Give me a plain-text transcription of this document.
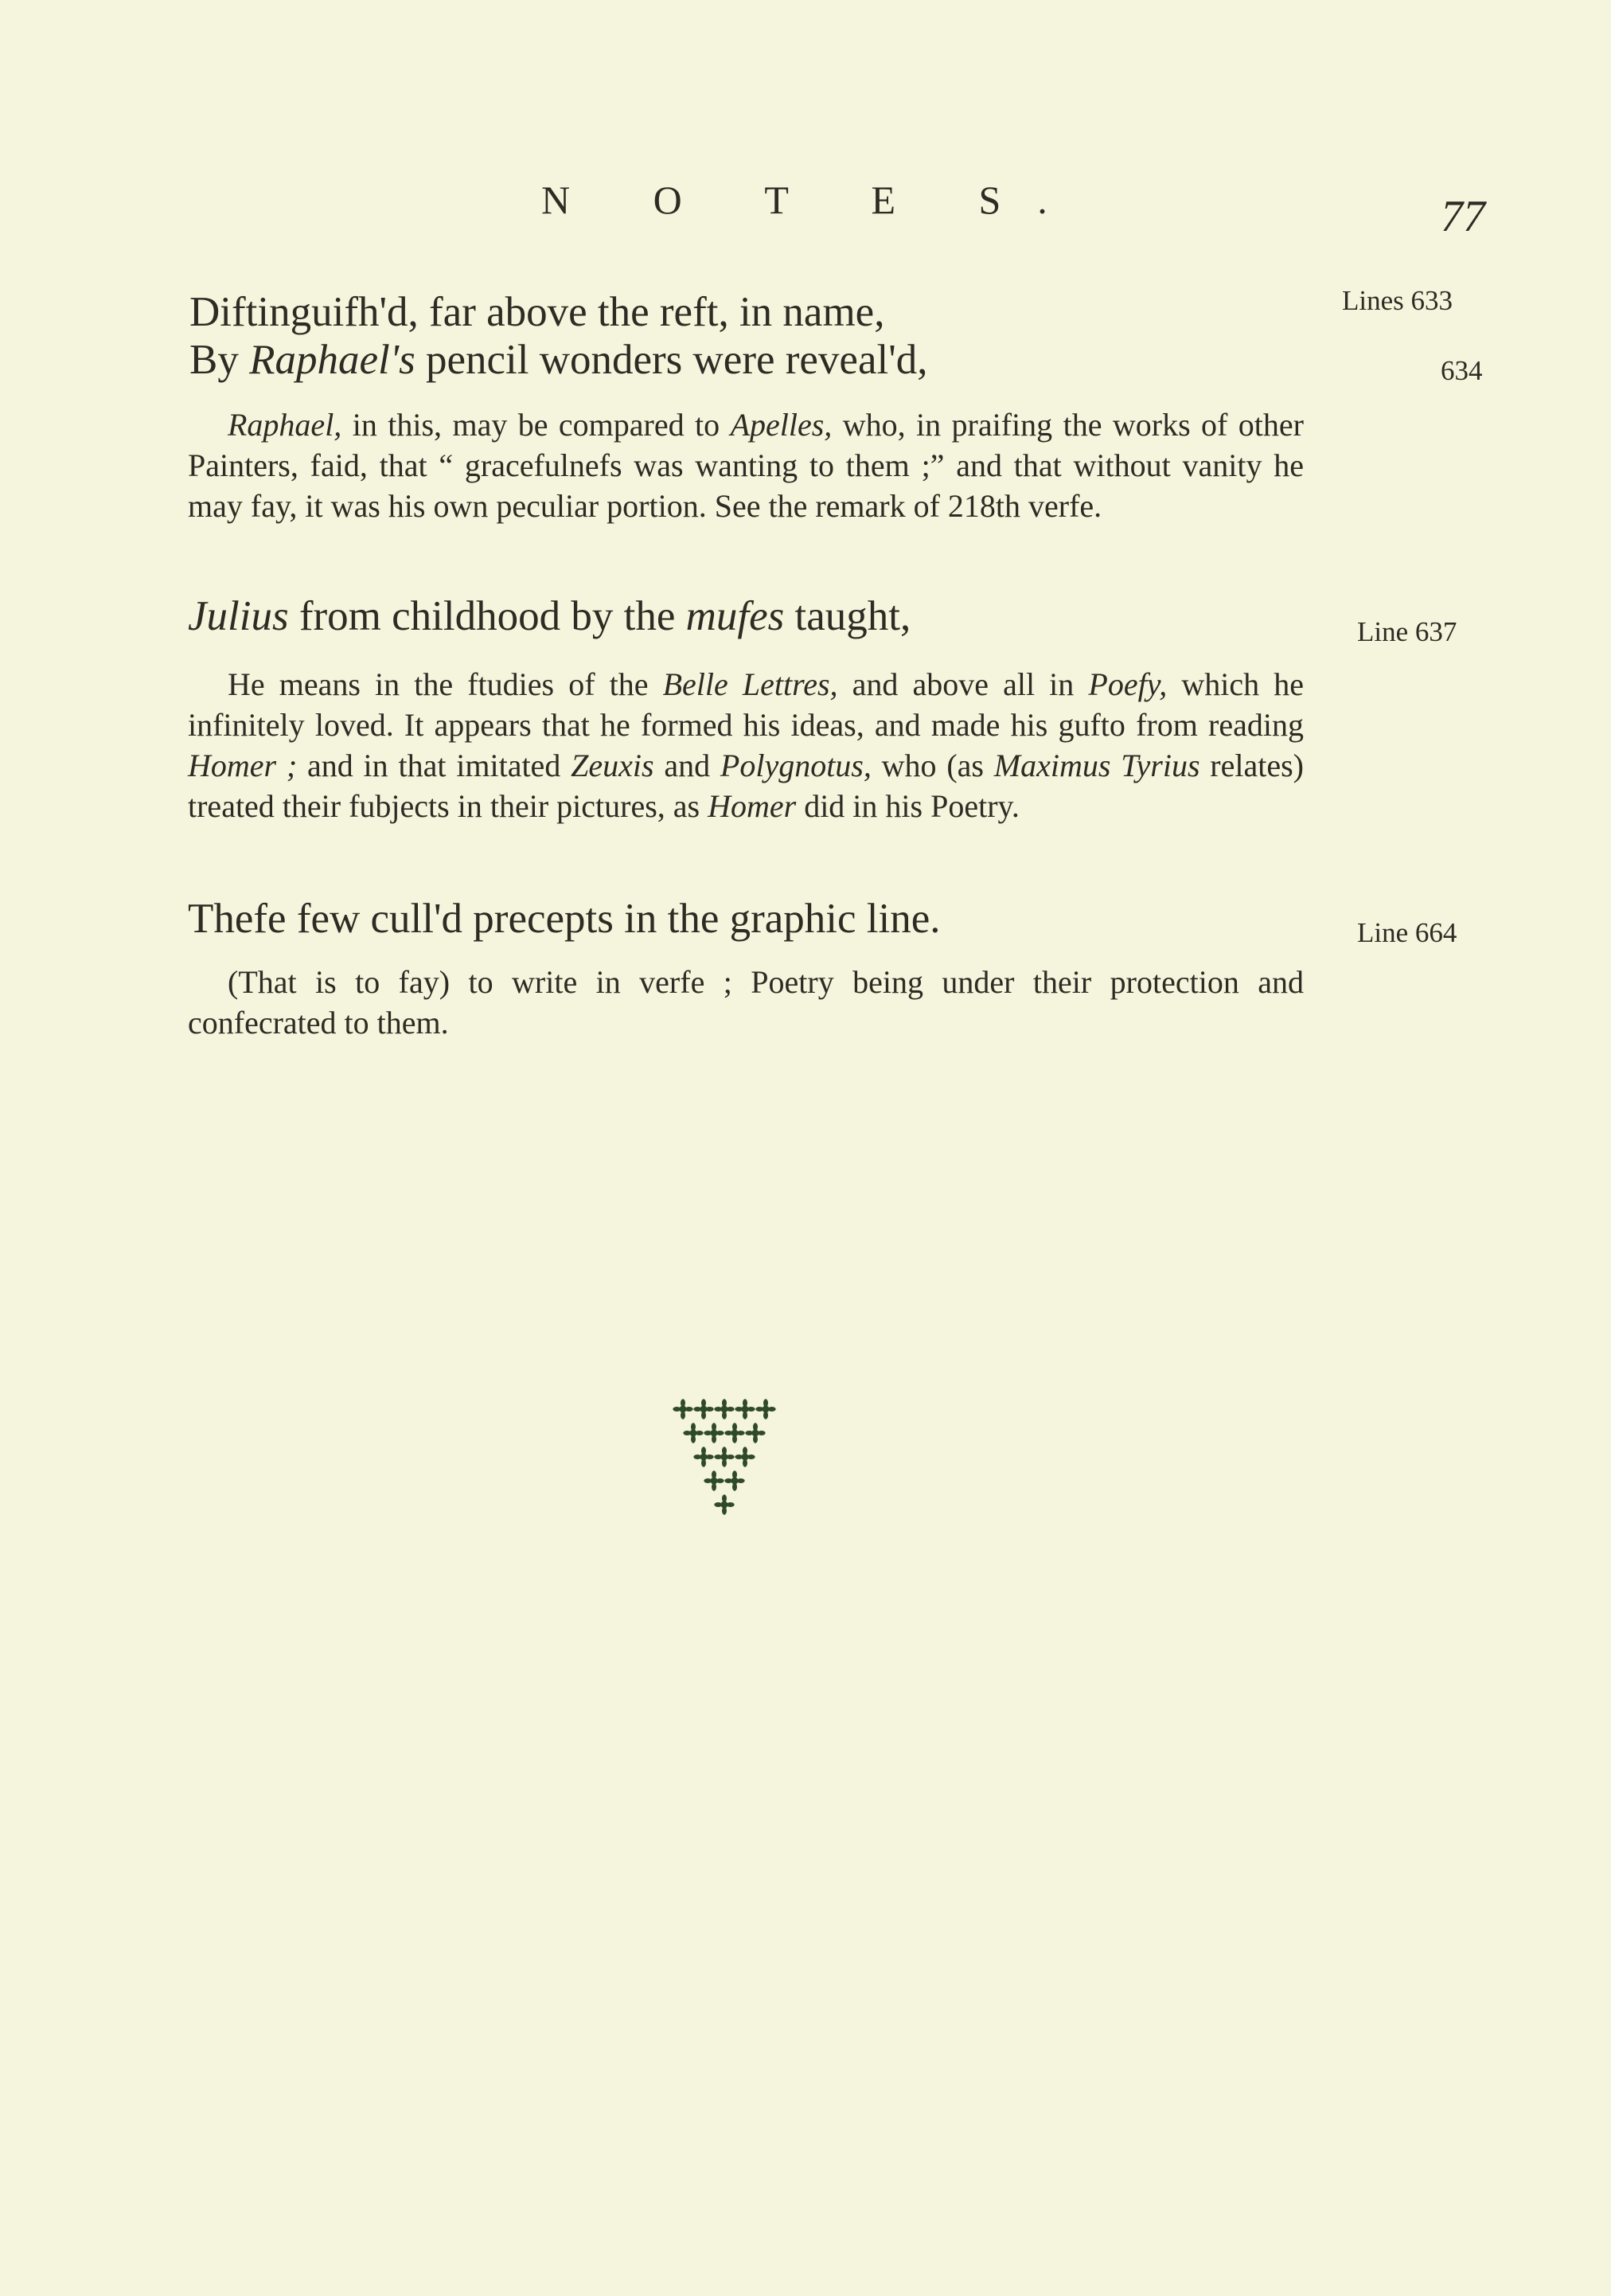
N O T E S.	77
Diftinguifh'd, far above the reft, in name,
By Raphael's pencil wonders were reveal'd,
Lines 633
634
Raphael, in this, may be compared to Apelles, who, in praifing the works of other Painters, faid, that “ gracefulnefs was wanting to them ;” and that without vanity he may fay, it was his own peculiar portion. See the remark of 218th verfe.
Julius from childhood by the mufes taught,	Line 637
He means in the ftudies of the Belle Lettres, and above all in Poefy, which he infinitely loved. It appears that he formed his ideas, and made his gufto from reading Homer ; and in that imitated Zeuxis and Polygnotus, who (as Maximus Tyrius relates) treated their fubjects in their pictures, as Homer did in his Poetry.
Thefe few cull'd precepts in the graphic line.	Line 664
(That is to fay) to write in verfe ; Poetry being under their protection and confecrated to them.
